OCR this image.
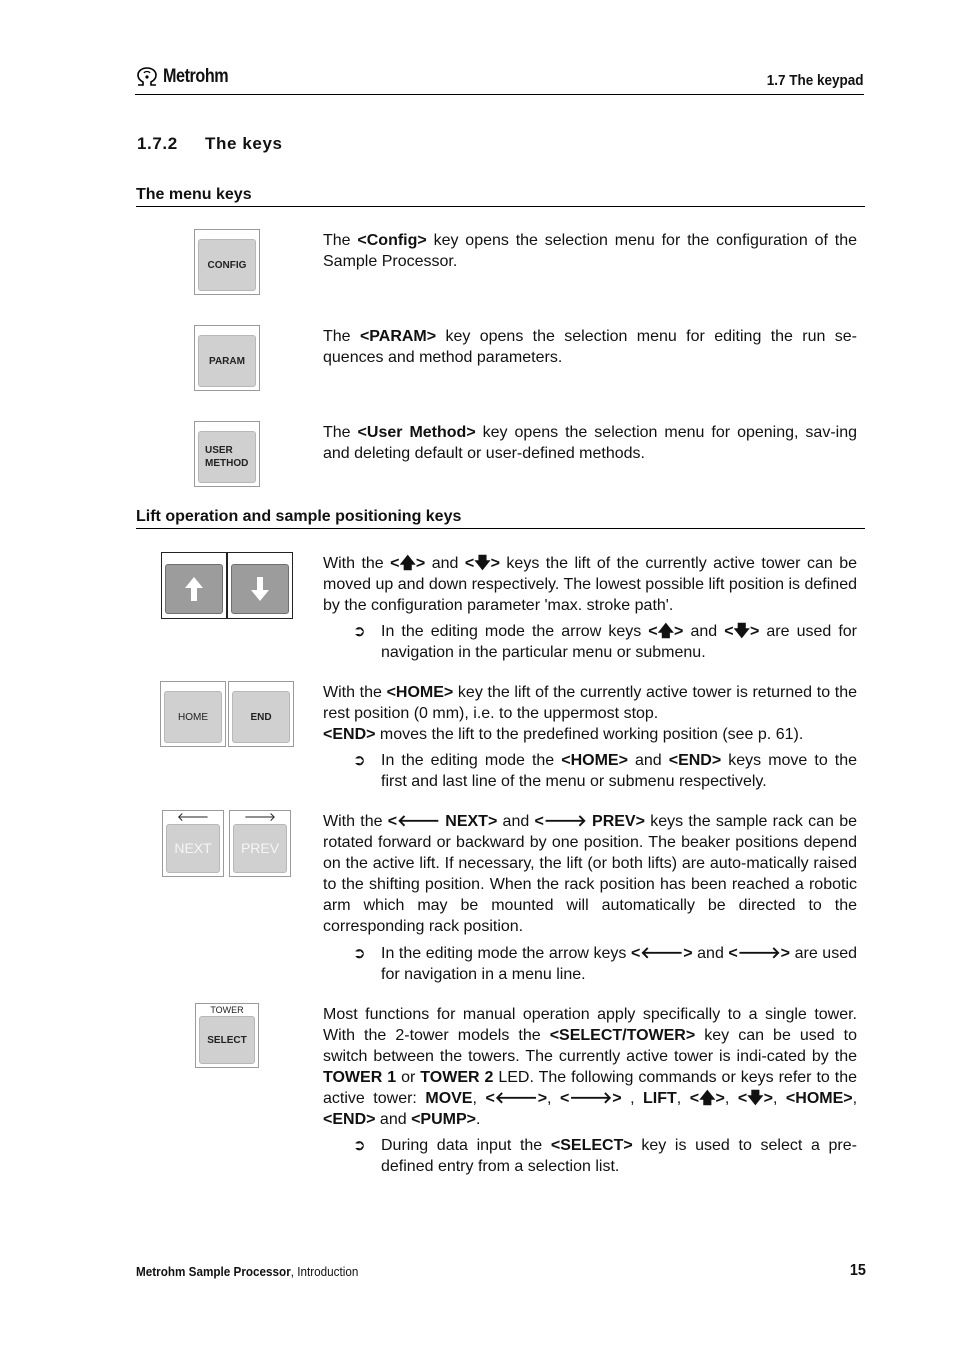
Metrohm	1.7 The keypad
1.7.2 The keys
The menu keys
CONFIG
The <Config> key opens the selection menu for the configuration of the Sample Processor.
PARAM
The <PARAM> key opens the selection menu for editing the run se-quences and method parameters.
USER
METHOD
The <User Method> key opens the selection menu for opening, sav-ing and deleting default or user-defined methods.
Lift operation and sample positioning keys
With the <🡅> and <🡇> keys the lift of the currently active tower can be moved up and down respectively. The lowest possible lift position is defined by the configuration parameter 'max. stroke path'.
➲ In the editing mode the arrow keys <🡅> and <🡇> are used for navigation in the particular menu or submenu.
HOME	END
With the <HOME> key the lift of the currently active tower is returned to the rest position (0 mm), i.e. to the uppermost stop.
<END> moves the lift to the predefined working position (see p. 61).
➲ In the editing mode the <HOME> and <END> keys move to the first and last line of the menu or submenu respectively.
🡐
NEXT
🡒
PREV
With the <🡐 NEXT> and <🡒 PREV> keys the sample rack can be rotated forward or backward by one position. The beaker positions depend on the active lift. If necessary, the lift (or both lifts) are auto-matically raised to the shifting position. When the rack position has been reached a robotic arm which may be mounted will automatically be directed to the corresponding rack position.
➲ In the editing mode the arrow keys <🡐> and <🡒> are used for navigation in a menu line.
TOWER
SELECT
Most functions for manual operation apply specifically to a single tower. With the 2-tower models the <SELECT/TOWER> key can be used to switch between the towers. The currently active tower is indi-cated by the TOWER 1 or TOWER 2 LED. The following commands or keys refer to the active tower: MOVE, <🡐>, <🡒> , LIFT, <🡅>, <🡇>, <HOME>, <END> and <PUMP>.
➲ During data input the <SELECT> key is used to select a pre-defined entry from a selection list.
Metrohm Sample Processor, Introduction	15
